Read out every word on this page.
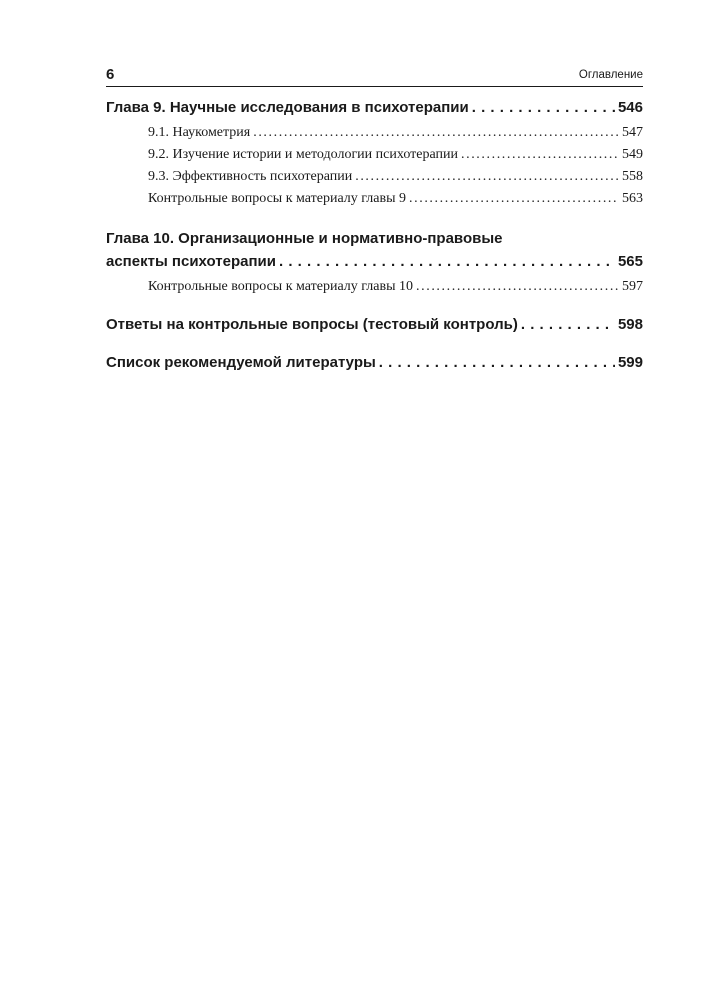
6	Оглавление
Глава 9. Научные исследования в психотерапии . . .	546
9.1. Наукометрия .....	547
9.2. Изучение истории и методологии психотерапии .....	549
9.3. Эффективность психотерапии .....	558
Контрольные вопросы к материалу главы 9 .....	563
Глава 10. Организационные и нормативно-правовые
аспекты психотерапии . . .	565
Контрольные вопросы к материалу главы 10 .....	597
Ответы на контрольные вопросы (тестовый контроль) . . .	598
Список рекомендуемой литературы . . .	599
